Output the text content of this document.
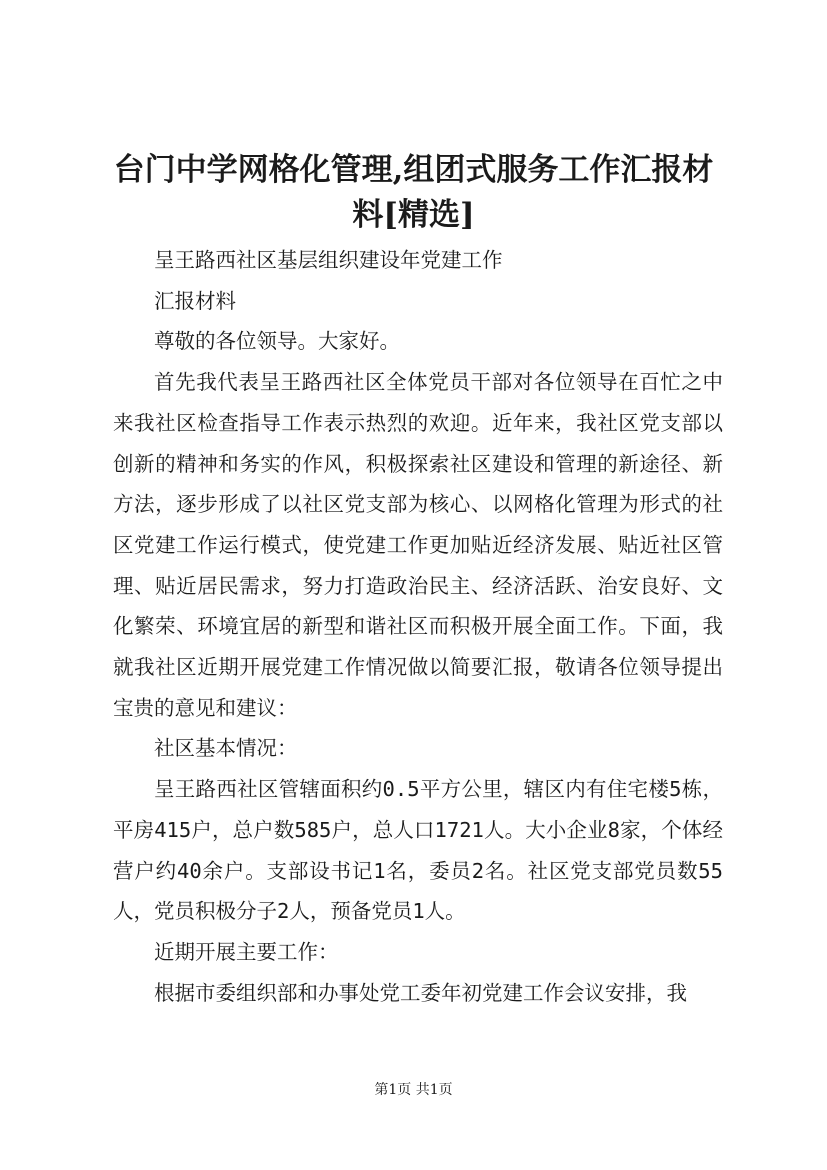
台门中学网格化管理,组团式服务工作汇报材料[精选]

呈王路西社区基层组织建设年党建工作

汇报材料

尊敬的各位领导。大家好。

首先我代表呈王路西社区全体党员干部对各位领导在百忙之中来我社区检查指导工作表示热烈的欢迎。近年来，我社区党支部以创新的精神和务实的作风，积极探索社区建设和管理的新途径、新方法，逐步形成了以社区党支部为核心、以网格化管理为形式的社区党建工作运行模式，使党建工作更加贴近经济发展、贴近社区管理、贴近居民需求，努力打造政治民主、经济活跃、治安良好、文化繁荣、环境宜居的新型和谐社区而积极开展全面工作。下面，我就我社区近期开展党建工作情况做以简要汇报，敬请各位领导提出宝贵的意见和建议：

社区基本情况：

呈王路西社区管辖面积约0.5平方公里，辖区内有住宅楼5栋，平房415户，总户数585户，总人口1721人。大小企业8家，个体经营户约40余户。支部设书记1名，委员2名。社区党支部党员数55人，党员积极分子2人，预备党员1人。

近期开展主要工作：

根据市委组织部和办事处党工委年初党建工作会议安排，我

第1页 共1页
